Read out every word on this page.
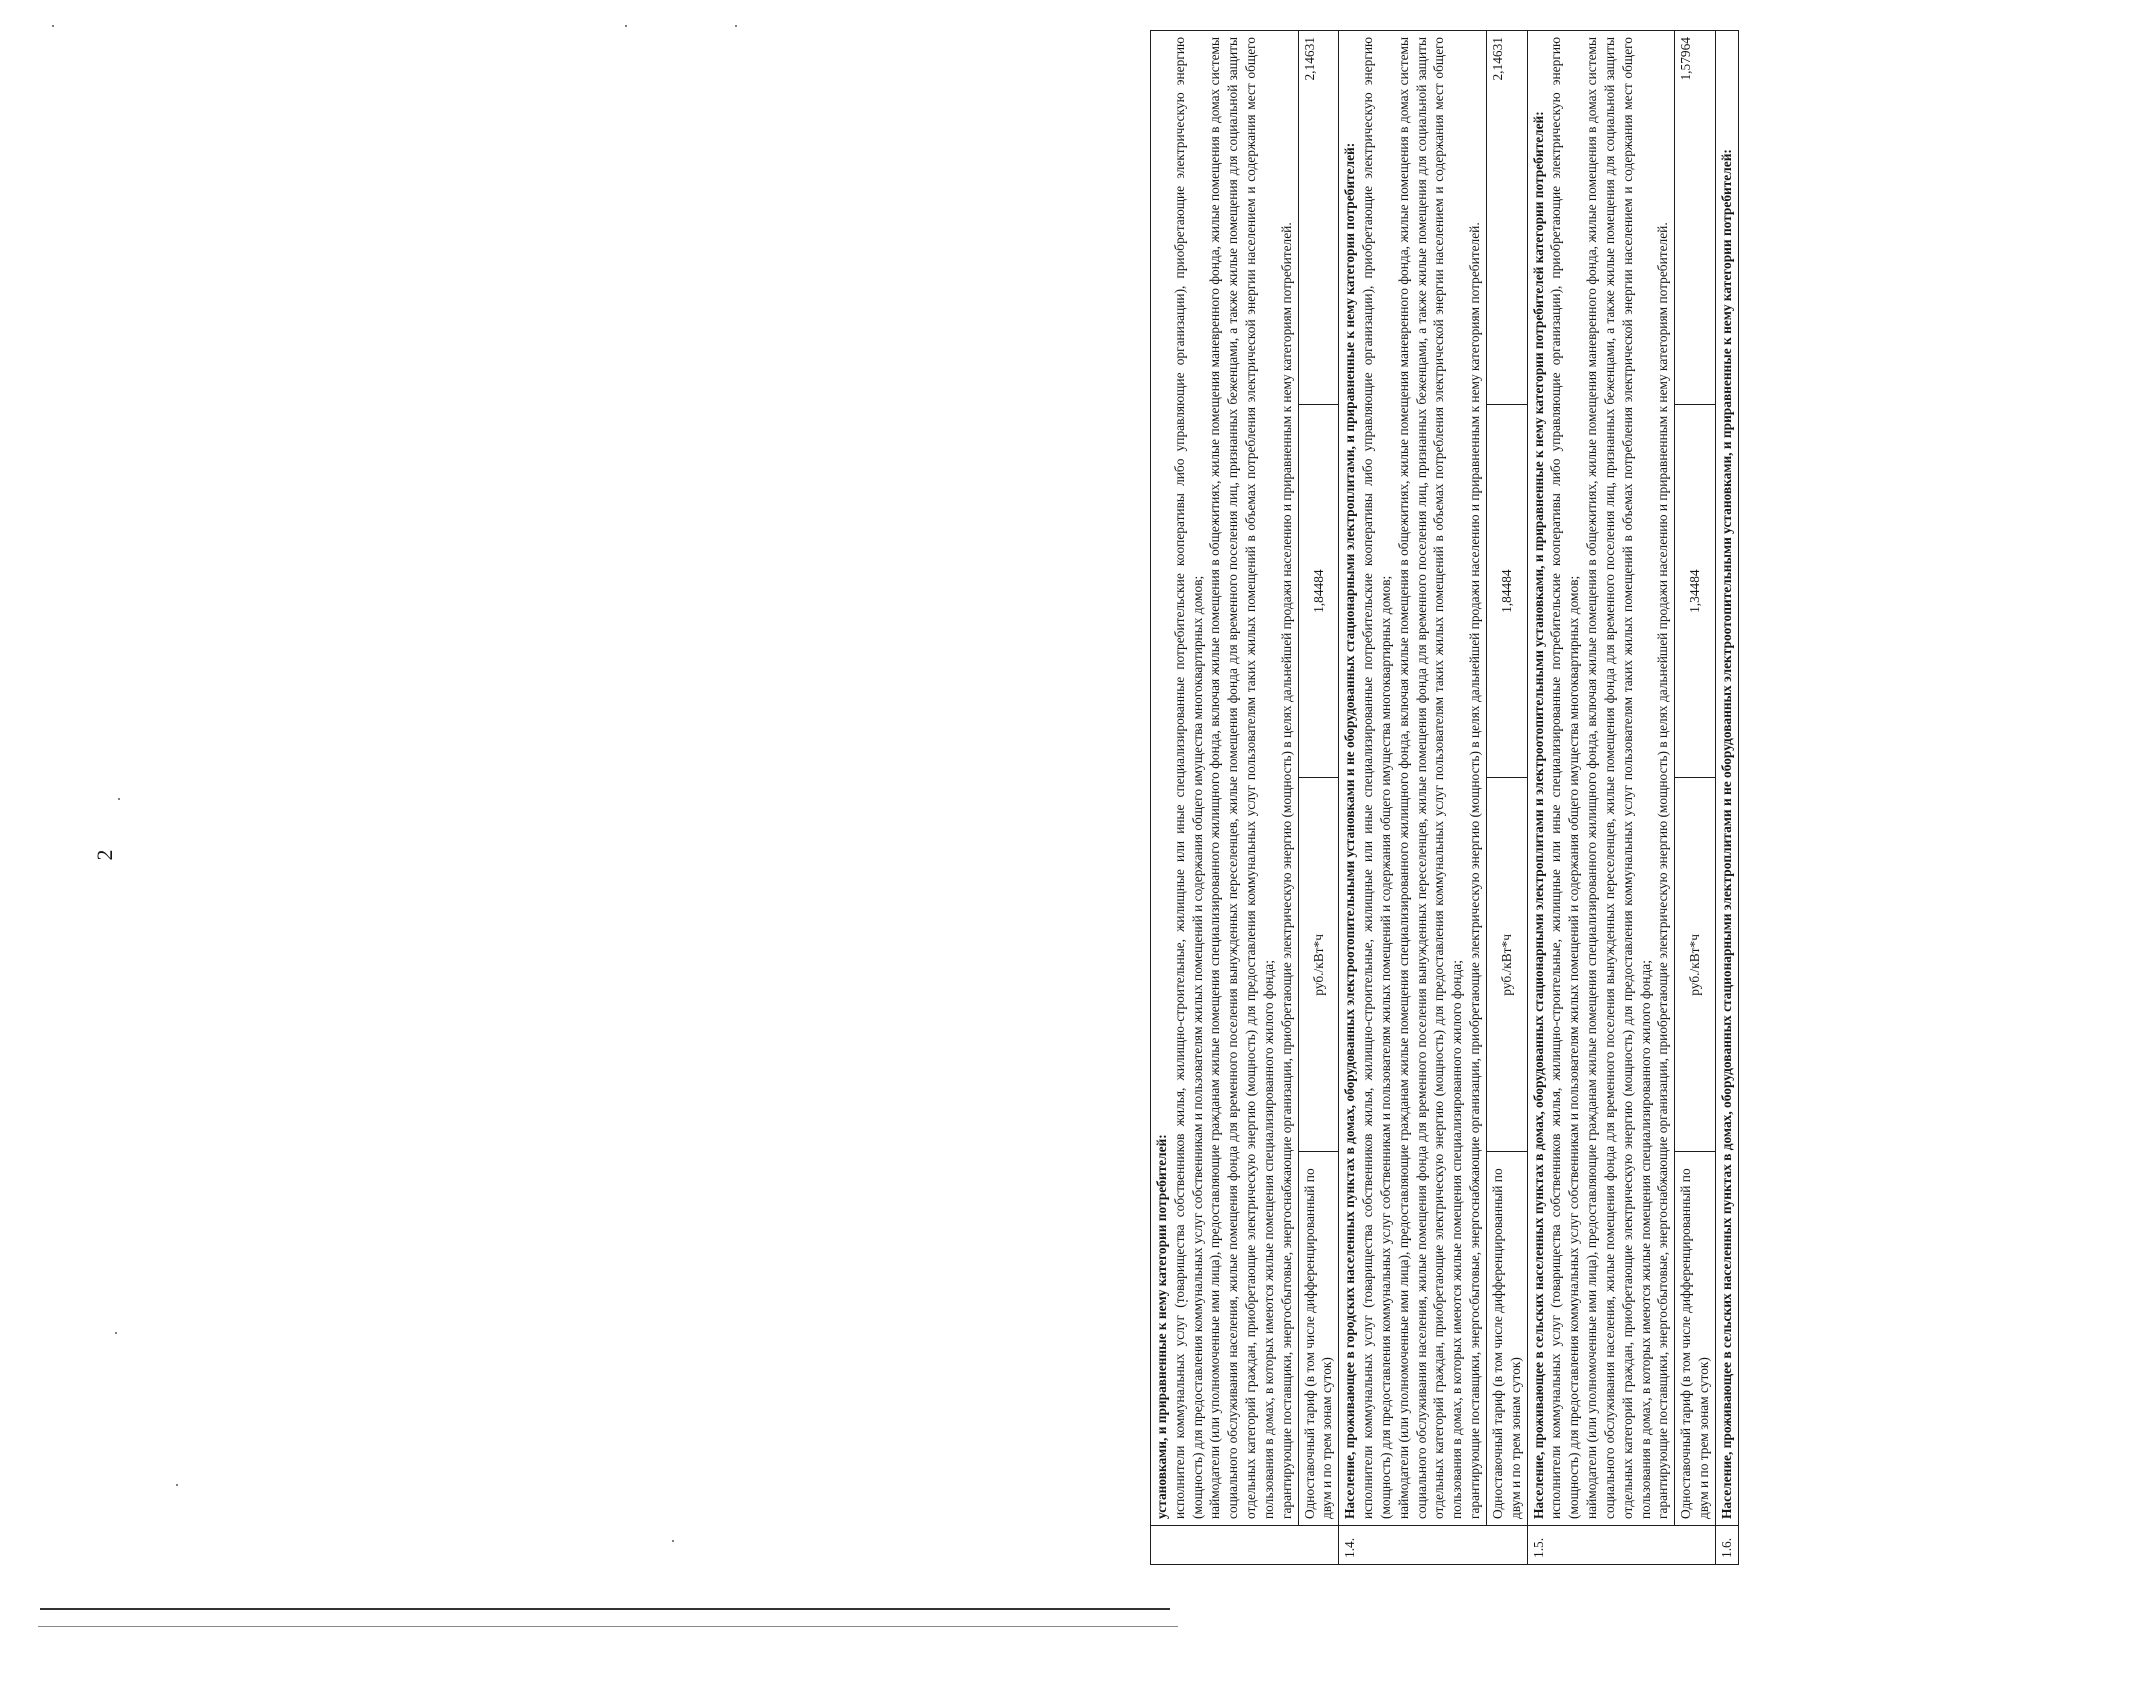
2

	установками, и приравненные к нему категории потребителей: исполнители коммунальных услуг (товарищества собственников жилья, жилищно-строительные, жилищные или иные специализированные потребительские кооперативы либо управляющие организации), приобретающие электрическую энергию (мощность) для предоставления коммунальных услуг собственникам и пользователям жилых помещений и содержания общего имущества многоквартирных домов; наймодатели (или уполномоченные ими лица), предоставляющие гражданам жилые помещения специализированного жилищного фонда, включая жилые помещения в общежитиях, жилые помещения маневренного фонда, жилые помещения в домах системы социального обслуживания населения, жилые помещения фонда для временного поселения вынужденных переселенцев, жилые помещения фонда для временного поселения лиц, признанных беженцами, а также жилые помещения для социальной защиты отдельных категорий граждан, приобретающие электрическую энергию (мощность) для предоставления коммунальных услуг пользователям таких жилых помещений в объемах потребления электрической энергии населением и содержания мест общего пользования в домах, в которых имеются жилые помещения специализированного жилого фонда; гарантирующие поставщики, энергосбытовые, энергоснабжающие организации, приобретающие электрическую энергию (мощность) в целях дальнейшей продажи населению и приравненным к нему категориям потребителей.			

	Одноставочный тариф (в том числе дифференцированный по двум и по трем зонам суток)	руб./кВт*ч	1,84484	2,14631
1.4.	Население, проживающее в городских населенных пунктах в домах, оборудованных электроотопительными установками и не оборудованных стационарными электроплитами, и приравненные к нему категории потребителей: исполнители коммунальных услуг (товарищества собственников жилья, жилищно-строительные, жилищные или иные специализированные потребительские кооперативы либо управляющие организации), приобретающие электрическую энергию (мощность) для предоставления коммунальных услуг собственникам и пользователям жилых помещений и содержания общего имущества многоквартирных домов; наймодатели (или уполномоченные ими лица), предоставляющие гражданам жилые помещения специализированного жилищного фонда, включая жилые помещения в общежитиях, жилые помещения маневренного фонда, жилые помещения в домах системы социального обслуживания населения, жилые помещения фонда для временного поселения вынужденных переселенцев, жилые помещения фонда для временного поселения лиц, признанных беженцами, а также жилые помещения для социальной защиты отдельных категорий граждан, приобретающие электрическую энергию (мощность) для предоставления коммунальных услуг пользователям таких жилых помещений в объемах потребления электрической энергии населением и содержания мест общего пользования в домах, в которых имеются жилые помещения специализированного жилого фонда; гарантирующие поставщики, энергосбытовые, энергоснабжающие организации, приобретающие электрическую энергию (мощность) в целях дальнейшей продажи населению и приравненным к нему категориям потребителей.			

	Одноставочный тариф (в том числе дифференцированный по двум и по трем зонам суток)	руб./кВт*ч	1,84484	2,14631
1.5.	Население, проживающее в сельских населенных пунктах в домах, оборудованных стационарными электроплитами и электроотопительными установками, и приравненные к нему категории потребителей категории потребителей: исполнители коммунальных услуг (товарищества собственников жилья, жилищно-строительные, жилищные или иные специализированные потребительские кооперативы либо управляющие организации), приобретающие электрическую энергию (мощность) для предоставления коммунальных услуг собственникам и пользователям жилых помещений и содержания общего имущества многоквартирных домов; наймодатели (или уполномоченные ими лица), предоставляющие гражданам жилые помещения специализированного жилищного фонда, включая жилые помещения в общежитиях, жилые помещения маневренного фонда, жилые помещения в домах системы социального обслуживания населения, жилые помещения фонда для временного поселения вынужденных переселенцев, жилые помещения фонда для временного поселения лиц, признанных беженцами, а также жилые помещения для социальной защиты отдельных категорий граждан, приобретающие электрическую энергию (мощность) для предоставления коммунальных услуг пользователям таких жилых помещений в объемах потребления электрической энергии населением и содержания мест общего пользования в домах, в которых имеются жилые помещения специализированного жилого фонда; гарантирующие поставщики, энергосбытовые, энергоснабжающие организации, приобретающие электрическую энергию (мощность) в целях дальнейшей продажи населению и приравненным к нему категориям потребителей.			

	Одноставочный тариф (в том числе дифференцированный по двум и по трем зонам суток)	руб./кВт*ч	1,34484	1,57964
1.6.	Население, проживающее в сельских населенных пунктах в домах, оборудованных стационарными электроплитами и не оборудованных электроотопительными установками, и приравненные к нему категории потребителей:			
